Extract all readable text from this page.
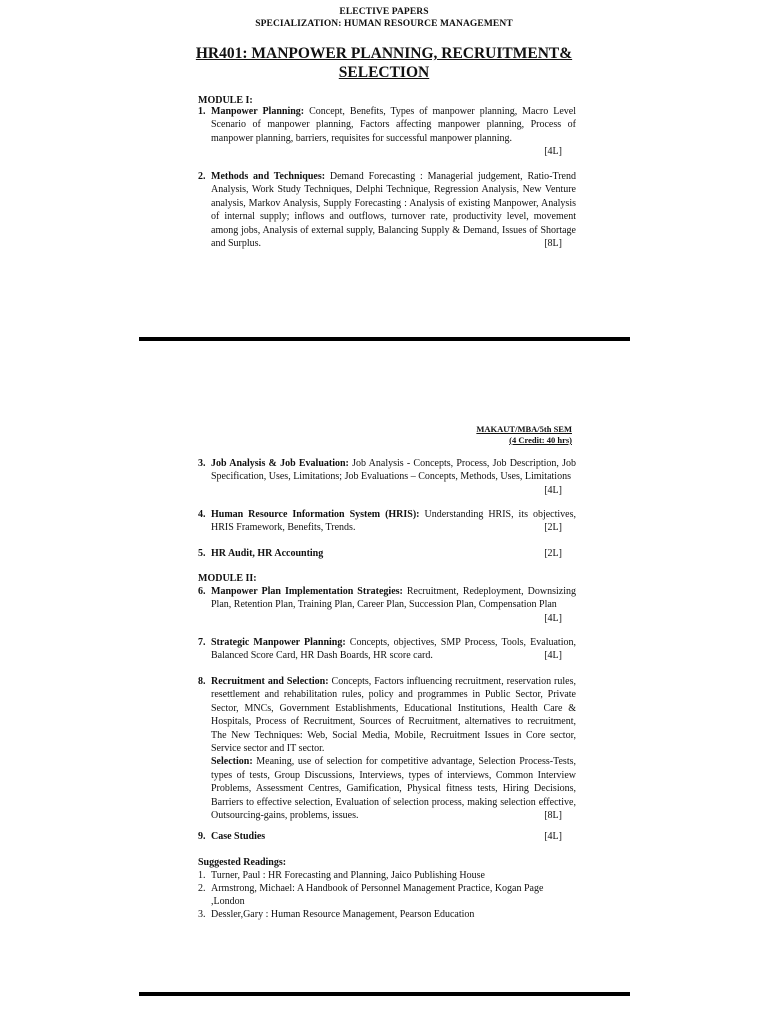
ELECTIVE PAPERS
SPECIALIZATION: HUMAN RESOURCE MANAGEMENT
HR401: MANPOWER PLANNING, RECRUITMENT&
SELECTION
MODULE I:
1. Manpower Planning: Concept, Benefits, Types of manpower planning, Macro Level Scenario of manpower planning, Factors affecting manpower planning, Process of manpower planning, barriers, requisites for successful manpower planning.
[4L]
2. Methods and Techniques: Demand Forecasting : Managerial judgement, Ratio-Trend Analysis, Work Study Techniques, Delphi Technique, Regression Analysis, New Venture analysis, Markov Analysis, Supply Forecasting : Analysis of existing Manpower, Analysis of internal supply; inflows and outflows, turnover rate, productivity level, movement among jobs, Analysis of external supply, Balancing Supply & Demand, Issues of Shortage and Surplus.	[8L]
MAKAUT/MBA/5th SEM
(4 Credit: 40 hrs)
3. Job Analysis & Job Evaluation: Job Analysis - Concepts, Process, Job Description, Job Specification, Uses, Limitations; Job Evaluations – Concepts, Methods, Uses, Limitations
[4L]
4. Human Resource Information System (HRIS): Understanding HRIS, its objectives, HRIS Framework, Benefits, Trends.	[2L]
5. HR Audit, HR Accounting	[2L]
MODULE II:
6. Manpower Plan Implementation Strategies: Recruitment, Redeployment, Downsizing Plan, Retention Plan, Training Plan, Career Plan, Succession Plan, Compensation Plan
[4L]
7. Strategic Manpower Planning: Concepts, objectives, SMP Process, Tools, Evaluation, Balanced Score Card, HR Dash Boards, HR score card.	[4L]
8. Recruitment and Selection: Concepts, Factors influencing recruitment, reservation rules, resettlement and rehabilitation rules, policy and programmes in Public Sector, Private Sector, MNCs, Government Establishments, Educational Institutions, Health Care & Hospitals, Process of Recruitment, Sources of Recruitment, alternatives to recruitment, The New Techniques: Web, Social Media, Mobile, Recruitment Issues in Core sector, Service sector and IT sector.
Selection: Meaning, use of selection for competitive advantage, Selection Process-Tests, types of tests, Group Discussions, Interviews, types of interviews, Common Interview Problems, Assessment Centres, Gamification, Physical fitness tests, Hiring Decisions, Barriers to effective selection, Evaluation of selection process, making selection effective, Outsourcing-gains, problems, issues.	[8L]
9. Case Studies	[4L]
Suggested Readings:
1. Turner, Paul : HR Forecasting and Planning, Jaico Publishing House
2. Armstrong, Michael: A Handbook of Personnel Management Practice, Kogan Page ,London
3. Dessler,Gary : Human Resource Management, Pearson Education
